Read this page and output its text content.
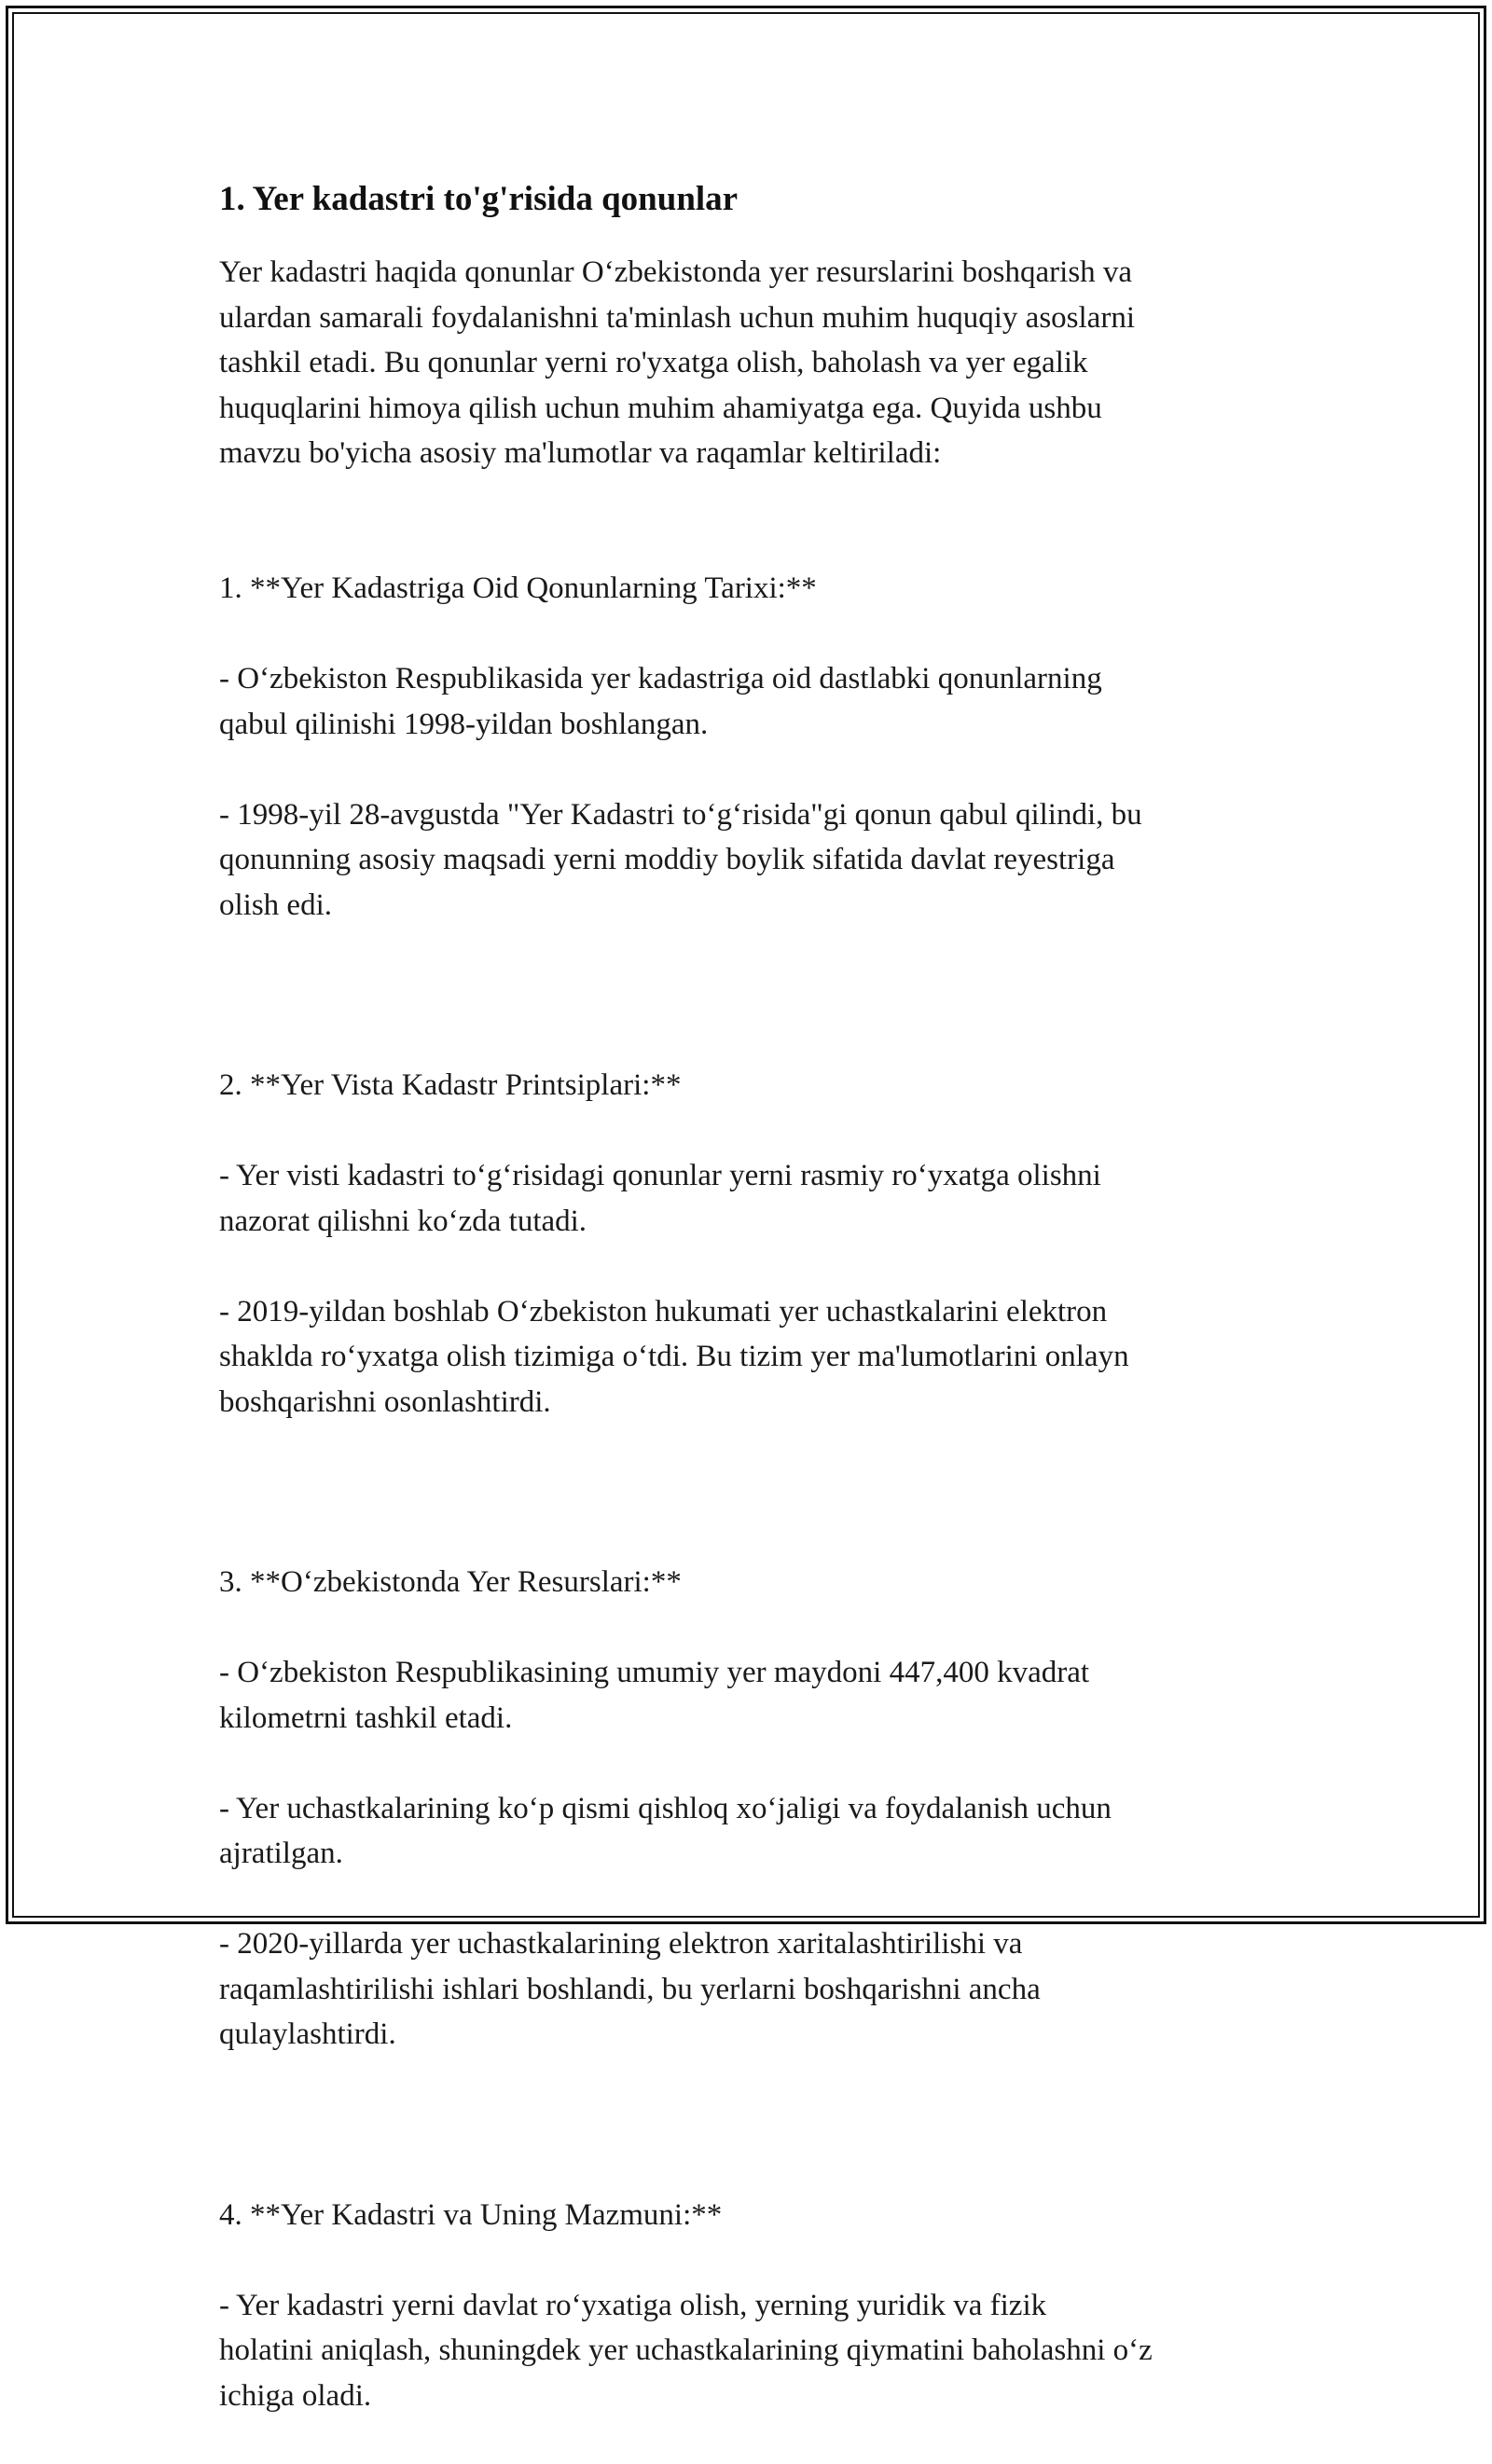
1. Yer kadastri to'g'risida qonunlar

Yer kadastri haqida qonunlar O‘zbekistonda yer resurslarini boshqarish va
ulardan samarali foydalanishni ta'minlash uchun muhim huquqiy asoslarni
tashkil etadi. Bu qonunlar yerni ro'yxatga olish, baholash va yer egalik
huquqlarini himoya qilish uchun muhim ahamiyatga ega. Quyida ushbu
mavzu bo'yicha asosiy ma'lumotlar va raqamlar keltiriladi:

1. **Yer Kadastriga Oid Qonunlarning Tarixi:**

- O‘zbekiston Respublikasida yer kadastriga oid dastlabki qonunlarning
qabul qilinishi 1998-yildan boshlangan.

- 1998-yil 28-avgustda "Yer Kadastri to‘g‘risida"gi qonun qabul qilindi, bu
qonunning asosiy maqsadi yerni moddiy boylik sifatida davlat reyestriga
olish edi.

2. **Yer Vista Kadastr Printsiplari:**

- Yer visti kadastri to‘g‘risidagi qonunlar yerni rasmiy ro‘yxatga olishni
nazorat qilishni ko‘zda tutadi.

- 2019-yildan boshlab O‘zbekiston hukumati yer uchastkalarini elektron
shaklda ro‘yxatga olish tizimiga o‘tdi. Bu tizim yer ma'lumotlarini onlayn
boshqarishni osonlashtirdi.

3. **O‘zbekistonda Yer Resurslari:**

- O‘zbekiston Respublikasining umumiy yer maydoni 447,400 kvadrat
kilometrni tashkil etadi.

- Yer uchastkalarining ko‘p qismi qishloq xo‘jaligi va foydalanish uchun
ajratilgan.

- 2020-yillarda yer uchastkalarining elektron xaritalashtirilishi va
raqamlashtirilishi ishlari boshlandi, bu yerlarni boshqarishni ancha
qulaylashtirdi.

4. **Yer Kadastri va Uning Mazmuni:**

- Yer kadastri yerni davlat ro‘yxatiga olish, yerning yuridik va fizik
holatini aniqlash, shuningdek yer uchastkalarining qiymatini baholashni o‘z
ichiga oladi.
